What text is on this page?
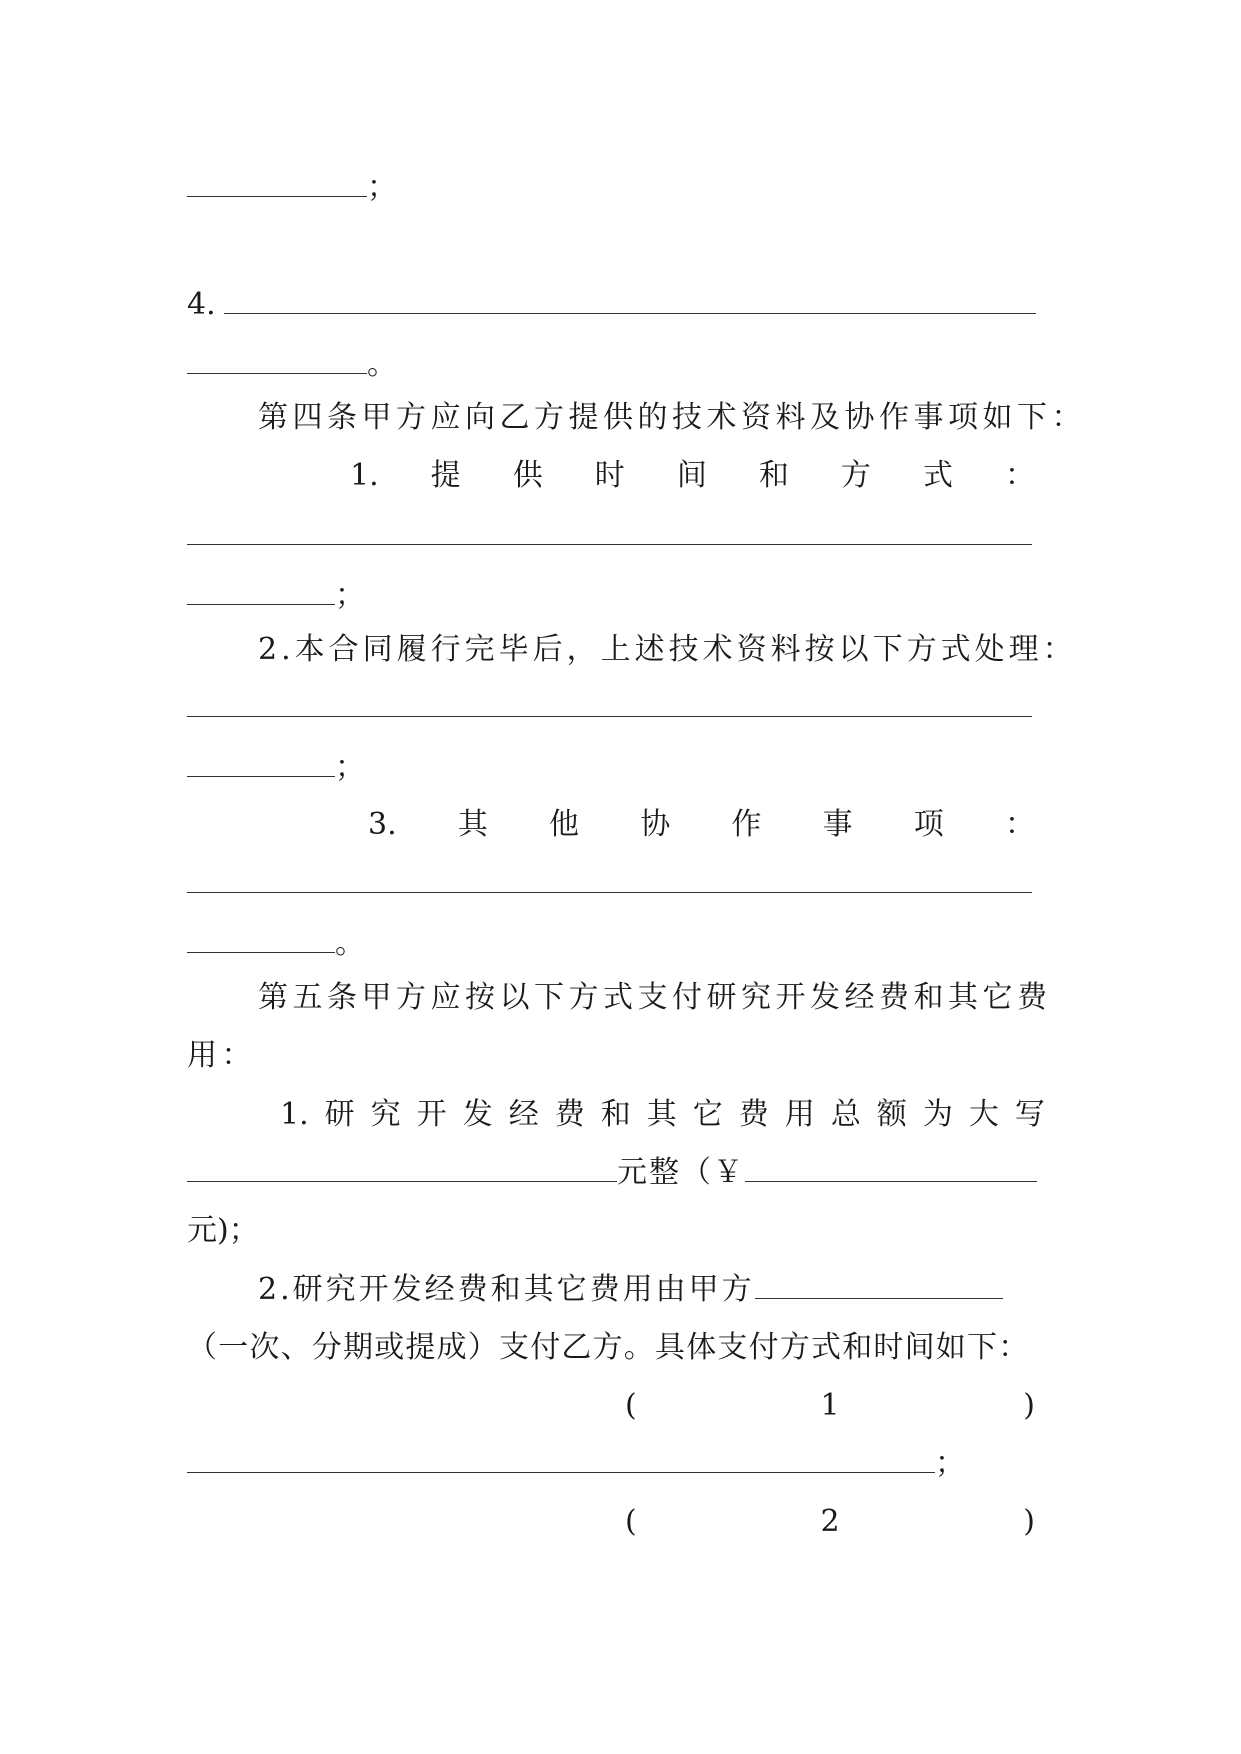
；
4.
。
第四条甲方应向乙方提供的技术资料及协作事项如下：
1. 提 供 时 间 和 方 式 ：
；
2.本合同履行完毕后，上述技术资料按以下方式处理：
；
3. 其 他 协 作 事 项 ：
。
第五条甲方应按以下方式支付研究开发经费和其它费
用：
1. 研 究 开 发 经 费 和 其 它 费 用 总 额 为 大 写
元整（￥
元)；
2.研究开发经费和其它费用由甲方
（一次、分期或提成）支付乙方。具体支付方式和时间如下：
(	1	)
；
(	2	)
